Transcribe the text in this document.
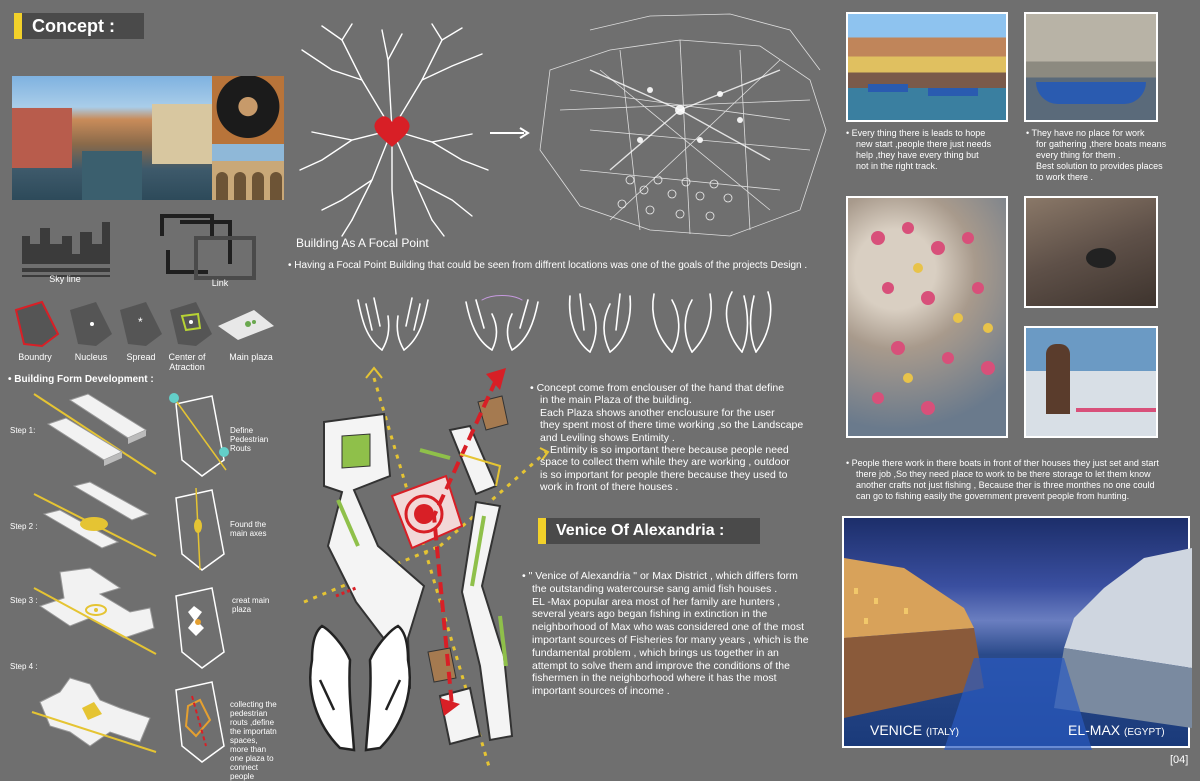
Concept :
Sky line	Link
*
Boundry	Nucleus	Spread	Center of Atraction
Main plaza
• Building Form Development :
Step 1:
Step 2 :
Step 3 :
Step 4 :
Define Pedestrian Routs
Found the main axes
creat main plaza
collecting the pedestrian routs ,define the importatn spaces, more than one plaza to connect people
Building As A Focal Point
• Having a Focal Point Building that could be seen from diffrent locations was one of the goals of the projects Design .
• Concept come from enclouser of the hand that define
in the main Plaza of the building.
Each Plaza shows another enclousure for the user
they spent most of there time working ,so the Landscape
and Leviling shows Entimity .
Entimity is so important there because people need
space to collect them while they are working , outdoor
is so important for people there because they used to
work in front of there houses .
Venice Of Alexandria :
• " Venice of Alexandria " or Max District , which differs form
the outstanding watercourse sang amid fish houses .
EL -Max popular area most of her family are hunters ,
several years ago began fishing in extinction in the
neighborhood of Max who was considered one of the most
important sources of Fisheries for many years , which is the
fundamental problem , which brings us together in an
attempt to solve them and improve the conditions of the
fishermen in the neighborhood where it has the most
important sources of income .
• Every thing there is leads to hope
new start ,people there just needs
help ,they have every thing but
not in the right track.
• They have no place for work
for gathering ,there boats means
every thing for them .
Best solution to provides places
to work there .
• People there work in there boats in front of ther houses they just set and start
there job ,So they need place to work to be there storage to let them know
another crafts not just fishing , Because ther is three monthes no one could
can go to fishing easily the government prevent people from hunting.
VENICE (ITALY)	EL-MAX (EGYPT)
[04]
